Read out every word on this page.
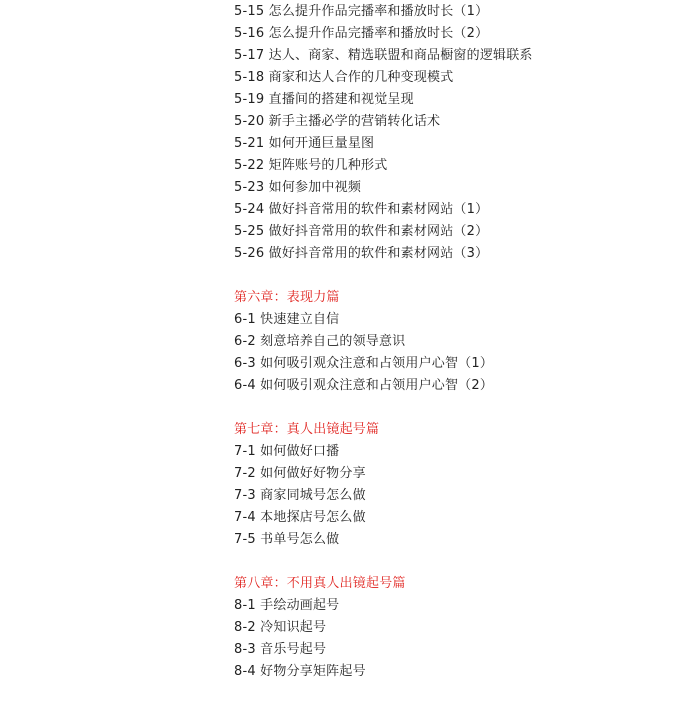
5-15 怎么提升作品完播率和播放时长（1）
5-16 怎么提升作品完播率和播放时长（2）
5-17 达人、商家、精选联盟和商品橱窗的逻辑联系
5-18 商家和达人合作的几种变现模式
5-19 直播间的搭建和视觉呈现
5-20 新手主播必学的营销转化话术
5-21 如何开通巨量星图
5-22 矩阵账号的几种形式
5-23 如何参加中视频
5-24 做好抖音常用的软件和素材网站（1）
5-25 做好抖音常用的软件和素材网站（2）
5-26 做好抖音常用的软件和素材网站（3）
第六章：表现力篇
6-1 快速建立自信
6-2 刻意培养自己的领导意识
6-3 如何吸引观众注意和占领用户心智（1）
6-4 如何吸引观众注意和占领用户心智（2）
第七章：真人出镜起号篇
7-1 如何做好口播
7-2 如何做好好物分享
7-3 商家同城号怎么做
7-4 本地探店号怎么做
7-5 书单号怎么做
第八章：不用真人出镜起号篇
8-1 手绘动画起号
8-2 冷知识起号
8-3 音乐号起号
8-4 好物分享矩阵起号
